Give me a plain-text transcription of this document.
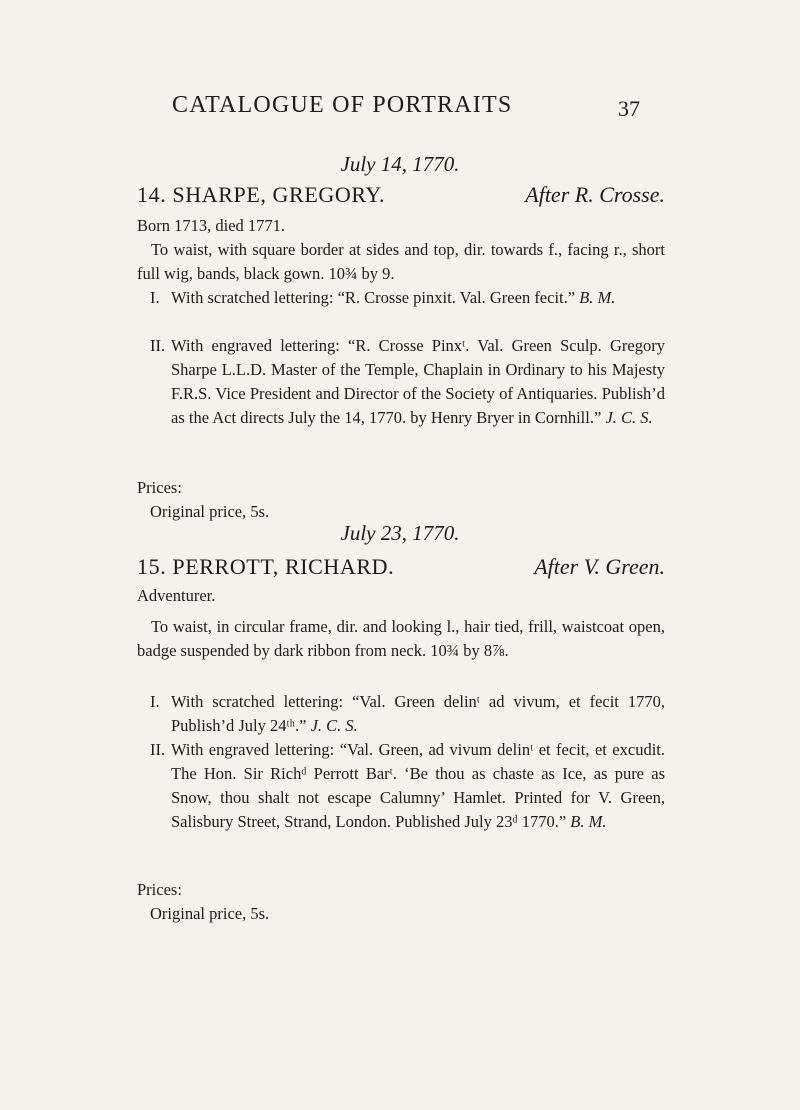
CATALOGUE OF PORTRAITS	37
July 14, 1770.
14. SHARPE, GREGORY.	After R. Crosse.
Born 1713, died 1771.
To waist, with square border at sides and top, dir. towards f., facing r., short full wig, bands, black gown. 10¾ by 9.
I. With scratched lettering: “R. Crosse pinxit. Val. Green fecit.” B. M.
II. With engraved lettering: “R. Crosse Pinxᵗ. Val. Green Sculp. Gregory Sharpe L.L.D. Master of the Temple, Chaplain in Ordinary to his Majesty F.R.S. Vice President and Director of the Society of Antiquaries. Publish’d as the Act directs July the 14, 1770. by Henry Bryer in Cornhill.” J. C. S.
Prices:
Original price, 5s.
July 23, 1770.
15. PERROTT, RICHARD.	After V. Green.
Adventurer.
To waist, in circular frame, dir. and looking l., hair tied, frill, waistcoat open, badge suspended by dark ribbon from neck. 10¾ by 8⅞.
I. With scratched lettering: “Val. Green delinᵗ ad vivum, et fecit 1770, Publish’d July 24ᵗʰ.” J. C. S.
II. With engraved lettering: “Val. Green, ad vivum delinᵗ et fecit, et excudit. The Hon. Sir Richᵈ Perrott Barᵗ. ‘Be thou as chaste as Ice, as pure as Snow, thou shalt not escape Calumny’ Hamlet. Printed for V. Green, Salisbury Street, Strand, London. Published July 23ᵈ 1770.” B. M.
Prices:
Original price, 5s.
